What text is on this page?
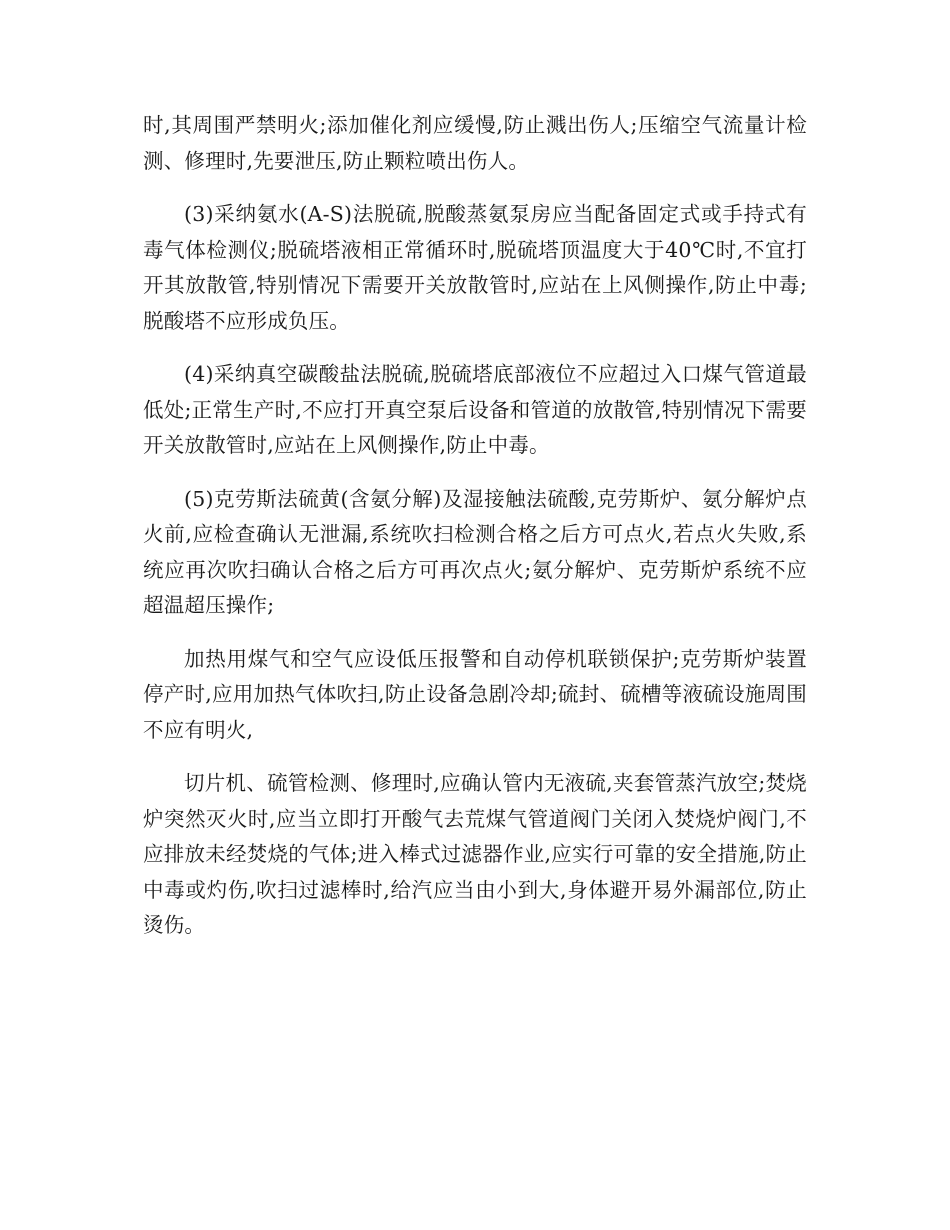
时,其周围严禁明火;添加催化剂应缓慢,防止溅出伤人;压缩空气流量计检测、修理时,先要泄压,防止颗粒喷出伤人。

(3)采纳氨水(A-S)法脱硫,脱酸蒸氨泵房应当配备固定式或手持式有毒气体检测仪;脱硫塔液相正常循环时,脱硫塔顶温度大于40℃时,不宜打开其放散管,特别情况下需要开关放散管时,应站在上风侧操作,防止中毒;脱酸塔不应形成负压。

(4)采纳真空碳酸盐法脱硫,脱硫塔底部液位不应超过入口煤气管道最低处;正常生产时,不应打开真空泵后设备和管道的放散管,特别情况下需要开关放散管时,应站在上风侧操作,防止中毒。

(5)克劳斯法硫黄(含氨分解)及湿接触法硫酸,克劳斯炉、氨分解炉点火前,应检查确认无泄漏,系统吹扫检测合格之后方可点火,若点火失败,系统应再次吹扫确认合格之后方可再次点火;氨分解炉、克劳斯炉系统不应超温超压操作;

加热用煤气和空气应设低压报警和自动停机联锁保护;克劳斯炉装置停产时,应用加热气体吹扫,防止设备急剧冷却;硫封、硫槽等液硫设施周围不应有明火,

切片机、硫管检测、修理时,应确认管内无液硫,夹套管蒸汽放空;焚烧炉突然灭火时,应当立即打开酸气去荒煤气管道阀门关闭入焚烧炉阀门,不应排放未经焚烧的气体;进入棒式过滤器作业,应实行可靠的安全措施,防止中毒或灼伤,吹扫过滤棒时,给汽应当由小到大,身体避开易外漏部位,防止烫伤。
